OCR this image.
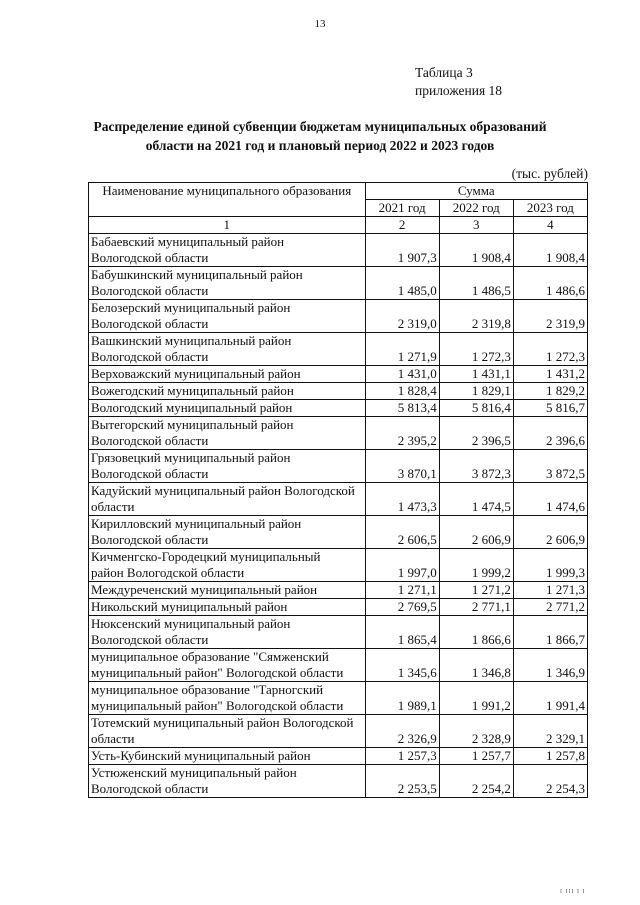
13
Таблица 3
приложения 18
Распределение единой субвенции бюджетам муниципальных образований
области на 2021 год и плановый период 2022 и 2023 годов
(тыс. рублей)
Наименование муниципального образования	Сумма		
	2021 год	2022 год	2023 год
1	2	3	4

Бабаевский муниципальный район
Вологодской области	1 907,3	1 908,4	1 908,4

Бабушкинский муниципальный район
Вологодской области	1 485,0	1 486,5	1 486,6

Белозерский муниципальный район
Вологодской области	2 319,0	2 319,8	2 319,9

Вашкинский муниципальный район
Вологодской области	1 271,9	1 272,3	1 272,3

Верховажский муниципальный район	1 431,0	1 431,1	1 431,2

Вожегодский муниципальный район	1 828,4	1 829,1	1 829,2

Вологодский муниципальный район	5 813,4	5 816,4	5 816,7

Вытегорский муниципальный район
Вологодской области	2 395,2	2 396,5	2 396,6

Грязовецкий муниципальный район
Вологодской области	3 870,1	3 872,3	3 872,5

Кадуйский муниципальный район Вологодской
области	1 473,3	1 474,5	1 474,6

Кирилловский муниципальный район
Вологодской области	2 606,5	2 606,9	2 606,9

Кичменгско-Городецкий муниципальный
район Вологодской области	1 997,0	1 999,2	1 999,3

Междуреченский муниципальный район	1 271,1	1 271,2	1 271,3

Никольский муниципальный район	2 769,5	2 771,1	2 771,2

Нюксенский муниципальный район
Вологодской области	1 865,4	1 866,6	1 866,7

муниципальное образование "Сямженский
муниципальный район" Вологодской области	1 345,6	1 346,8	1 346,9

муниципальное образование "Тарногский
муниципальный район" Вологодской области	1 989,1	1 991,2	1 991,4

Тотемский муниципальный район Вологодской
области	2 326,9	2 328,9	2 329,1

Усть-Кубинский муниципальный район	1 257,3	1 257,7	1 257,8

Устюженский муниципальный район
Вологодской области	2 253,5	2 254,2	2 254,3
I III I I
